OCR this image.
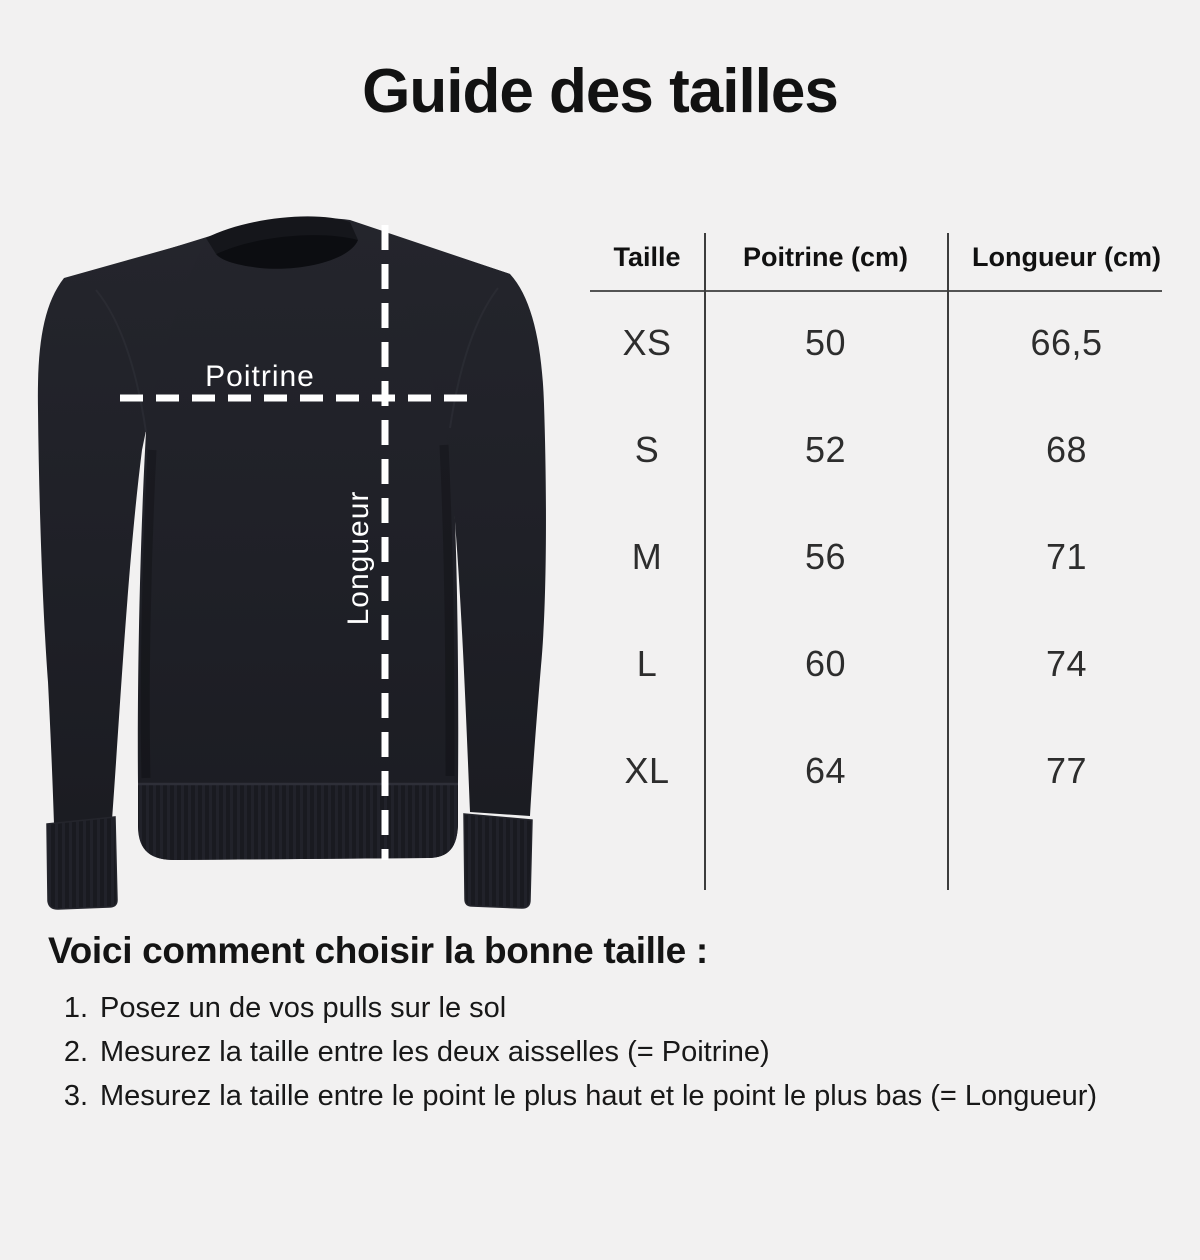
Guide des tailles
Poitrine
Longueur
Taille	Poitrine (cm)	Longueur (cm)
XS	50	66,5
S	52	68
M	56	71
L	60	74
XL	64	77
Voici comment choisir la bonne taille :
1. Posez un de vos pulls sur le sol
2. Mesurez la taille entre les deux aisselles (= Poitrine)
3. Mesurez la taille entre le point le plus haut et le point le plus bas (= Longueur)
